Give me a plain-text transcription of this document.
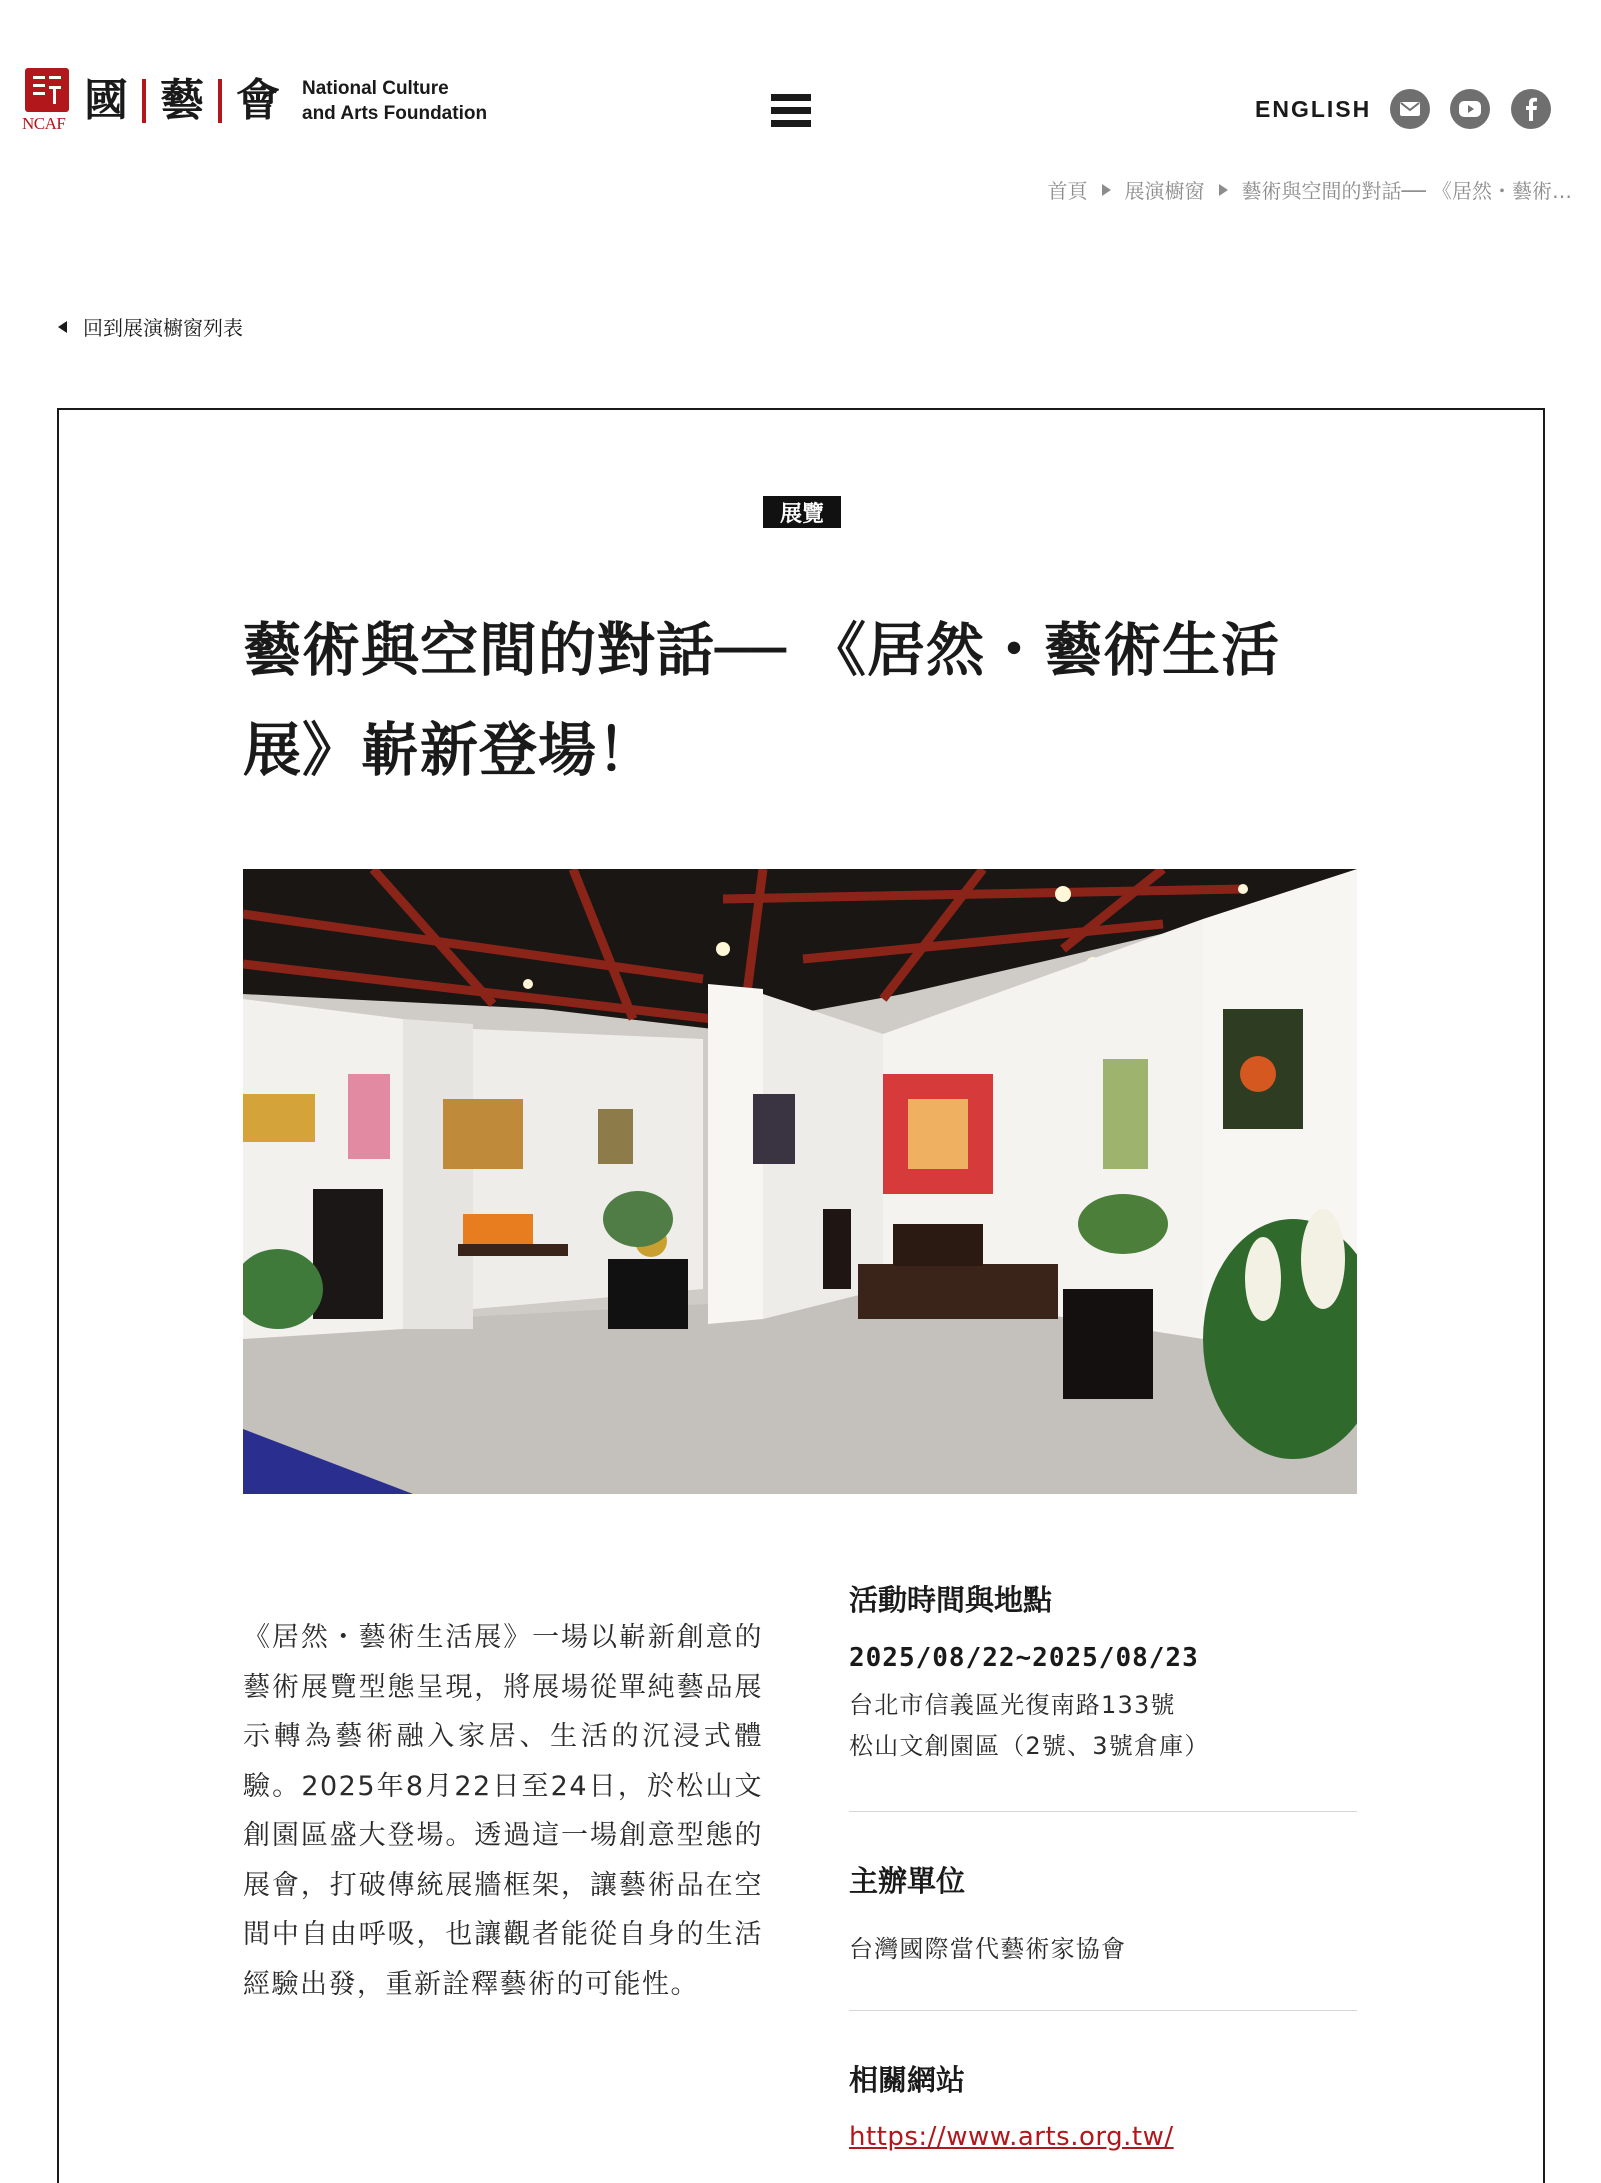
NCAF 國 藝 會 National Culture
and Arts Foundation	ENGLISH
首頁 展演櫥窗 藝術與空間的對話── 《居然・藝術…
回到展演櫥窗列表
展覽
藝術與空間的對話── 《居然・藝術生活
展》嶄新登場！

《居然・藝術生活展》一場以嶄新創意的藝術展覽型態呈現，將展場從單純藝品展示轉為藝術融入家居、生活的沉浸式體驗。2025年8月22日至24日，於松山文創園區盛大登場。透過這一場創意型態的展會，打破傳統展牆框架，讓藝術品在空間中自由呼吸，也讓觀者能從自身的生活經驗出發，重新詮釋藝術的可能性。

活動時間與地點
2025/08/22~2025/08/23
台北市信義區光復南路133號
松山文創園區（2號、3號倉庫）
主辦單位
台灣國際當代藝術家協會
相關網站
https://www.arts.org.tw/
